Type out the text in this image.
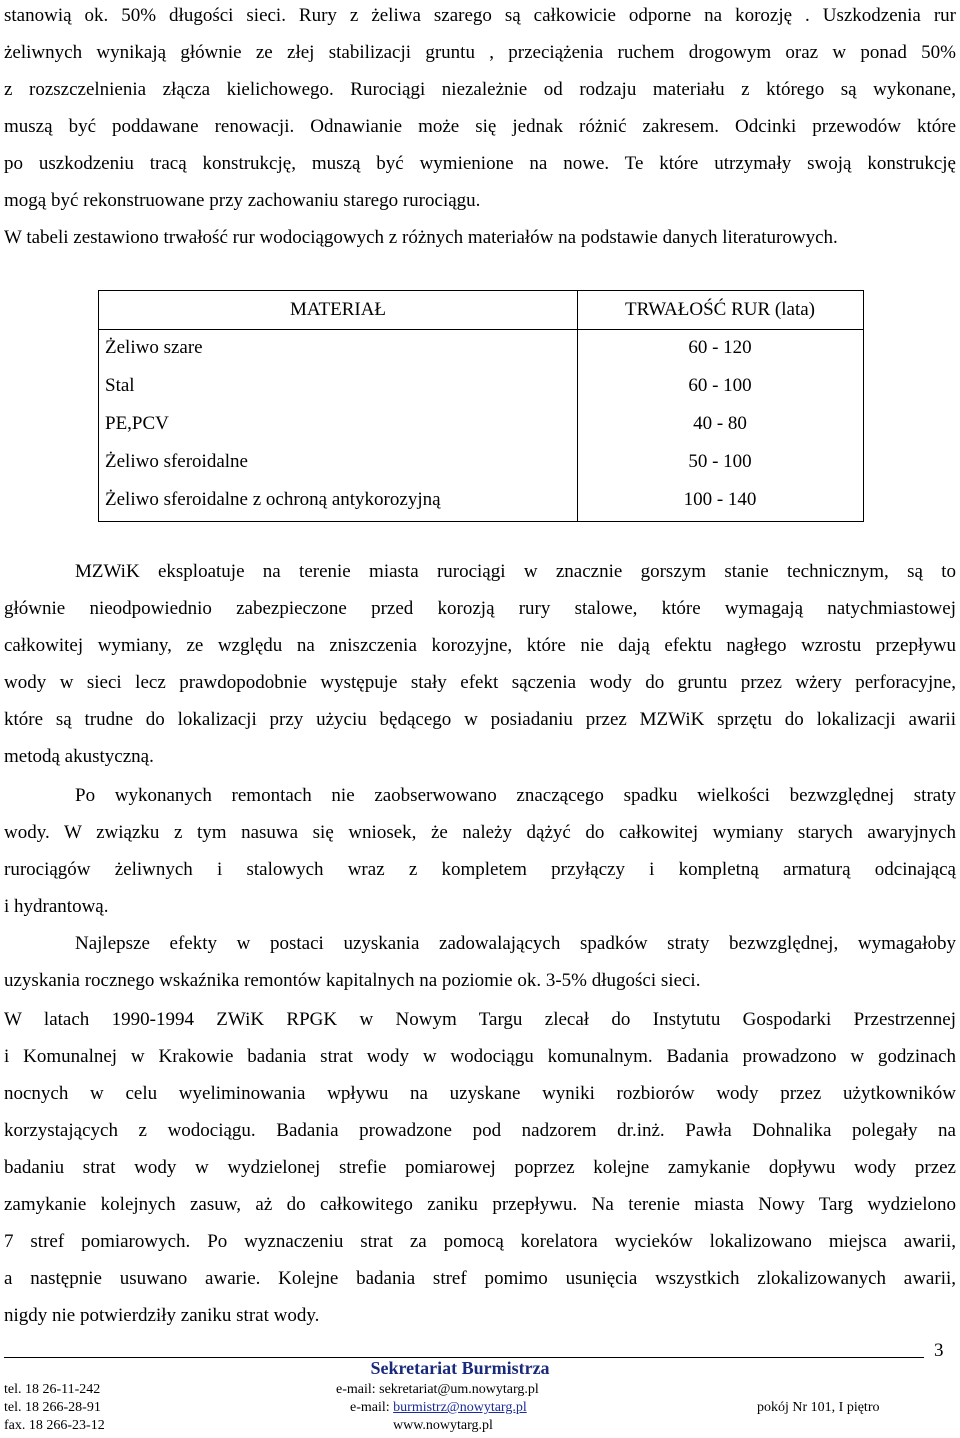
stanowią ok. 50% długości sieci. Rury z żeliwa szarego są całkowicie odporne na korozję . Uszkodzenia rur
żeliwnych wynikają głównie ze złej stabilizacji gruntu , przeciążenia ruchem drogowym oraz w ponad 50%
z rozszczelnienia złącza kielichowego. Rurociągi niezależnie od rodzaju materiału z którego są wykonane,
muszą być poddawane renowacji. Odnawianie może się jednak różnić zakresem. Odcinki przewodów które
po uszkodzeniu tracą konstrukcję, muszą być wymienione na nowe. Te które utrzymały swoją konstrukcję
mogą być rekonstruowane przy zachowaniu starego rurociągu.
W tabeli zestawiono trwałość rur wodociągowych z różnych materiałów na podstawie danych literaturowych.
MATERIAŁ	TRWAŁOŚĆ RUR (lata)
Żeliwo szare	60 - 120
Stal	60 - 100
PE,PCV	40 - 80
Żeliwo sferoidalne	50 - 100
Żeliwo sferoidalne z ochroną antykorozyjną	100 - 140
MZWiK eksploatuje na terenie miasta rurociągi w znacznie gorszym stanie technicznym, są to
głównie nieodpowiednio zabezpieczone przed korozją rury stalowe, które wymagają natychmiastowej
całkowitej wymiany, ze względu na zniszczenia korozyjne, które nie dają efektu nagłego wzrostu przepływu
wody w sieci lecz prawdopodobnie występuje stały efekt sączenia wody do gruntu przez wżery perforacyjne,
które są trudne do lokalizacji przy użyciu będącego w posiadaniu przez MZWiK sprzętu do lokalizacji awarii
metodą akustyczną.
Po wykonanych remontach nie zaobserwowano znaczącego spadku wielkości bezwzględnej straty
wody. W związku z tym nasuwa się wniosek, że należy dążyć do całkowitej wymiany starych awaryjnych
rurociągów żeliwnych i stalowych wraz z kompletem przyłączy i kompletną armaturą odcinającą
i hydrantową.
Najlepsze efekty w postaci uzyskania zadowalających spadków straty bezwzględnej, wymagałoby
uzyskania rocznego wskaźnika remontów kapitalnych na poziomie ok. 3-5% długości sieci.
W latach 1990-1994 ZWiK RPGK w Nowym Targu zlecał do Instytutu Gospodarki Przestrzennej
i Komunalnej w Krakowie badania strat wody w wodociągu komunalnym. Badania prowadzono w godzinach
nocnych w celu wyeliminowania wpływu na uzyskane wyniki rozbiorów wody przez użytkowników
korzystających z wodociągu. Badania prowadzone pod nadzorem dr.inż. Pawła Dohnalika polegały na
badaniu strat wody w wydzielonej strefie pomiarowej poprzez kolejne zamykanie dopływu wody przez
zamykanie kolejnych zasuw, aż do całkowitego zaniku przepływu. Na terenie miasta Nowy Targ wydzielono
7 stref pomiarowych. Po wyznaczeniu strat za pomocą korelatora wycieków lokalizowano miejsca awarii,
a następnie usuwano awarie. Kolejne badania stref pomimo usunięcia wszystkich zlokalizowanych awarii,
nigdy nie potwierdziły zaniku strat wody.
3
Sekretariat Burmistrza
tel. 18 26-11-242
tel. 18 266-28-91
fax. 18 266-23-12
e-mail: sekretariat@um.nowytarg.pl
e-mail: burmistrz@nowytarg.pl
www.nowytarg.pl
pokój Nr 101, I piętro
